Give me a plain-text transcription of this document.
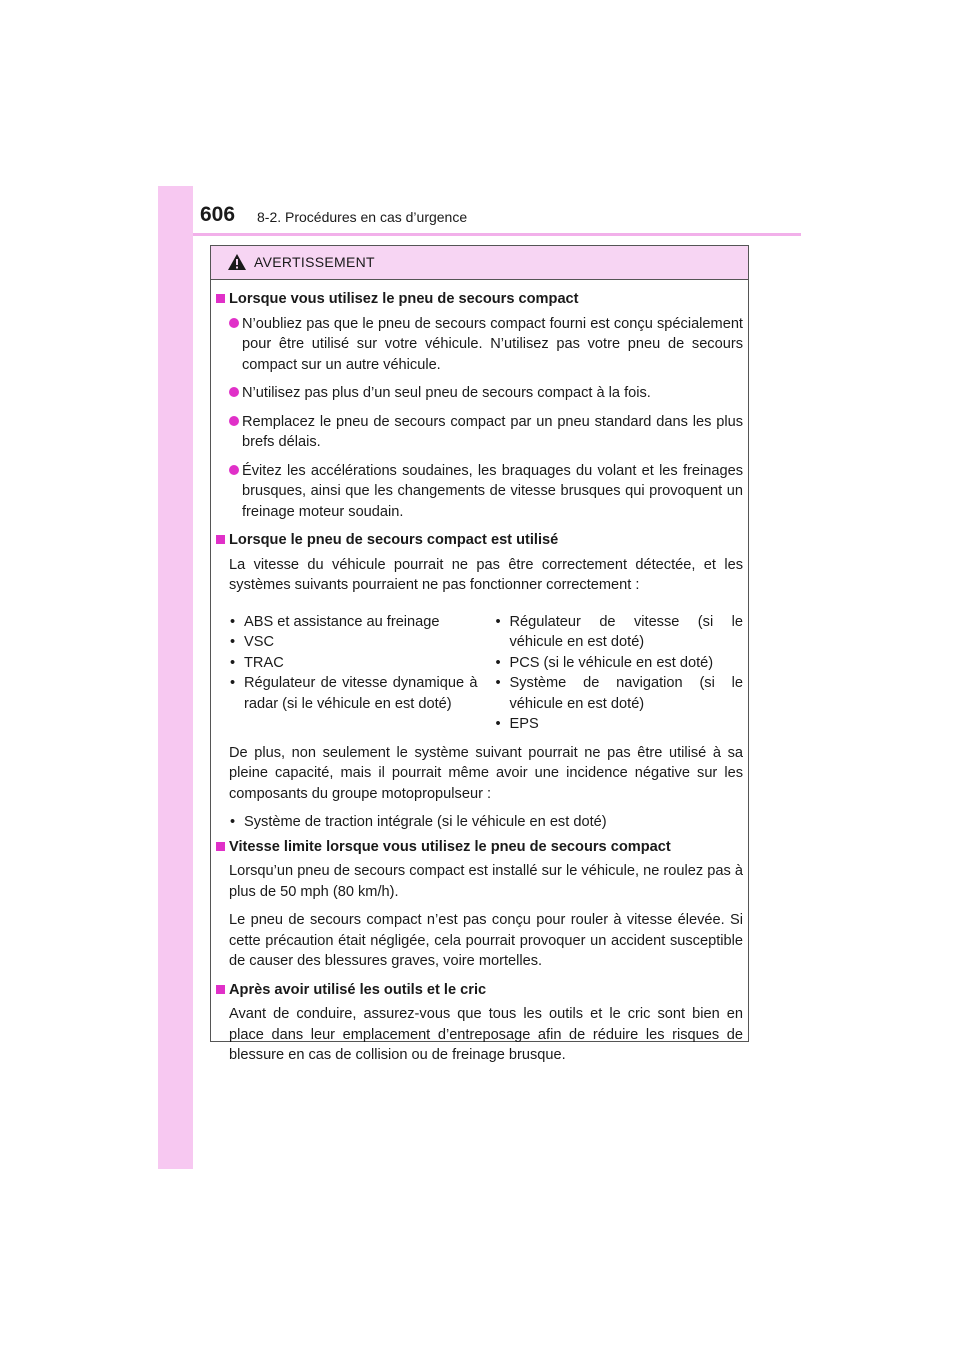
606 8-2. Procédures en cas d’urgence
AVERTISSEMENT
Lorsque vous utilisez le pneu de secours compact
N’oubliez pas que le pneu de secours compact fourni est conçu spécialement pour être utilisé sur votre véhicule. N’utilisez pas votre pneu de secours compact sur un autre véhicule.
N’utilisez pas plus d’un seul pneu de secours compact à la fois.
Remplacez le pneu de secours compact par un pneu standard dans les plus brefs délais.
Évitez les accélérations soudaines, les braquages du volant et les freinages brusques, ainsi que les changements de vitesse brusques qui provoquent un freinage moteur soudain.
Lorsque le pneu de secours compact est utilisé
La vitesse du véhicule pourrait ne pas être correctement détectée, et les systèmes suivants pourraient ne pas fonctionner correctement :
• ABS et assistance au freinage
• VSC
• TRAC
• Régulateur de vitesse dynamique à radar (si le véhicule en est doté)
• Régulateur de vitesse (si le véhicule en est doté)
• PCS (si le véhicule en est doté)
• Système de navigation (si le véhicule en est doté)
• EPS
De plus, non seulement le système suivant pourrait ne pas être utilisé à sa pleine capacité, mais il pourrait même avoir une incidence négative sur les composants du groupe motopropulseur :
• Système de traction intégrale (si le véhicule en est doté)
Vitesse limite lorsque vous utilisez le pneu de secours compact
Lorsqu’un pneu de secours compact est installé sur le véhicule, ne roulez pas à plus de 50 mph (80 km/h).
Le pneu de secours compact n’est pas conçu pour rouler à vitesse élevée. Si cette précaution était négligée, cela pourrait provoquer un accident susceptible de causer des blessures graves, voire mortelles.
Après avoir utilisé les outils et le cric
Avant de conduire, assurez-vous que tous les outils et le cric sont bien en place dans leur emplacement d’entreposage afin de réduire les risques de blessure en cas de collision ou de freinage brusque.
